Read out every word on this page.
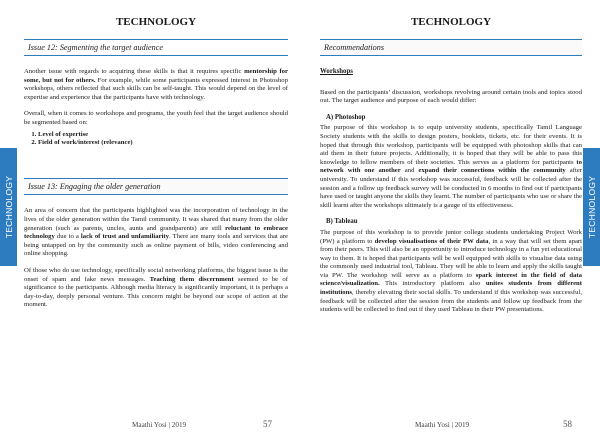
TECHNOLOGY	TECHNOLOGY
TECHNOLOGY
Issue 12: Segmenting the target audience

Another issue with regards to acquiring these skills is that it requires specific mentorship for some, but not for others. For example, while some participants expressed interest in Photoshop workshops, others reflected that such skills can be self-taught. This would depend on the level of expertise and experience that the participants have with technology.

Overall, when it comes to workshops and programs, the youth feel that the target audience should be segmented based on:

1. Level of expertise
2. Field of work/interest (relevance)
Issue 13: Engaging the older generation

An area of concern that the participants highlighted was the incorporation of technology in the lives of the older generation within the Tamil community. It was shared that many from the older generation (such as parents, uncles, aunts and grandparents) are still reluctant to embrace technology due to a lack of trust and unfamiliarity. There are many tools and services that are being untapped on by the community such as online payment of bills, video conferencing and online shopping.

Of those who do use technology, specifically social networking platforms, the biggest issue is the onset of spam and fake news messages. Teaching them discernment seemed to be of significance to the participants. Although media literacy is significantly important, it is perhaps a day-to-day, deeply personal venture. This concern might be beyond our scope of action at the moment.

Maathi Yosi | 2019	57
TECHNOLOGY
Recommendations

Workshops

Based on the participants’ discussion, workshops revolving around certain tools and topics stood out. The target audience and purpose of each would differ:

A) Photoshop

The purpose of this workshop is to equip university students, specifically Tamil Language Society students with the skills to design posters, booklets, tickets, etc. for their events. It is hoped that through this workshop, participants will be equipped with photoshop skills that can aid them in their future projects. Additionally, it is hoped that they will be able to pass this knowledge to fellow members of their societies. This serves as a platform for participants to network with one another and expand their connections within the community after university. To understand if this workshop was successful, feedback will be collected after the session and a follow up feedback survey will be conducted in 6 months to find out if participants have used or taught anyone the skills they learnt. The number of participants who use or share the skill learnt after the workshops ultimately is a gauge of its effectiveness.

B) Tableau

The purpose of this workshop is to provide junior college students undertaking Project Work (PW) a platform to develop visualisations of their PW data, in a way that will set them apart from their peers. This will also be an opportunity to introduce technology in a fun yet educational way to them. It is hoped that participants will be well equipped with skills to visualise data using the commonly used industrial tool, Tableau. They will be able to learn and apply the skills taught via PW. The workshop will serve as a platform to spark interest in the field of data science/visualization. This introductory platform also unites students from different institutions, thereby elevating their social skills. To understand if this workshop was successful, feedback will be collected after the session from the students and follow up feedback from the students will be collected to find out if they used Tableau in their PW presentations.

Maathi Yosi | 2019	58
